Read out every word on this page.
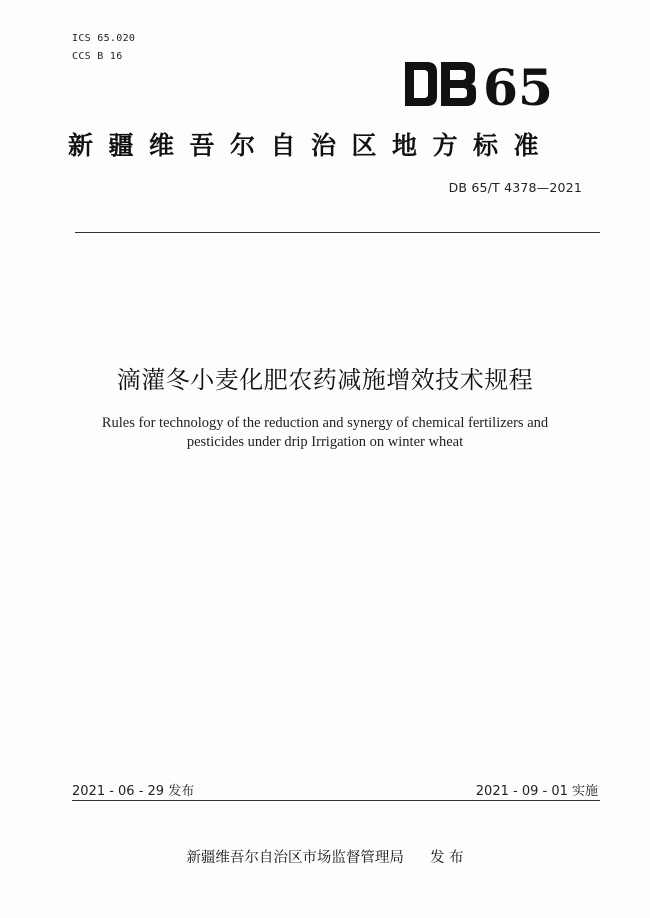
ICS 65.020
CCS B 16
65
新疆维吾尔自治区地方标准
DB 65/T 4378—2021
滴灌冬小麦化肥农药减施增效技术规程
Rules for technology of the reduction and synergy of chemical fertilizers and pesticides under drip Irrigation on winter wheat
2021 - 06 - 29 发布	2021 - 09 - 01 实施
新疆维吾尔自治区市场监督管理局 发 布
